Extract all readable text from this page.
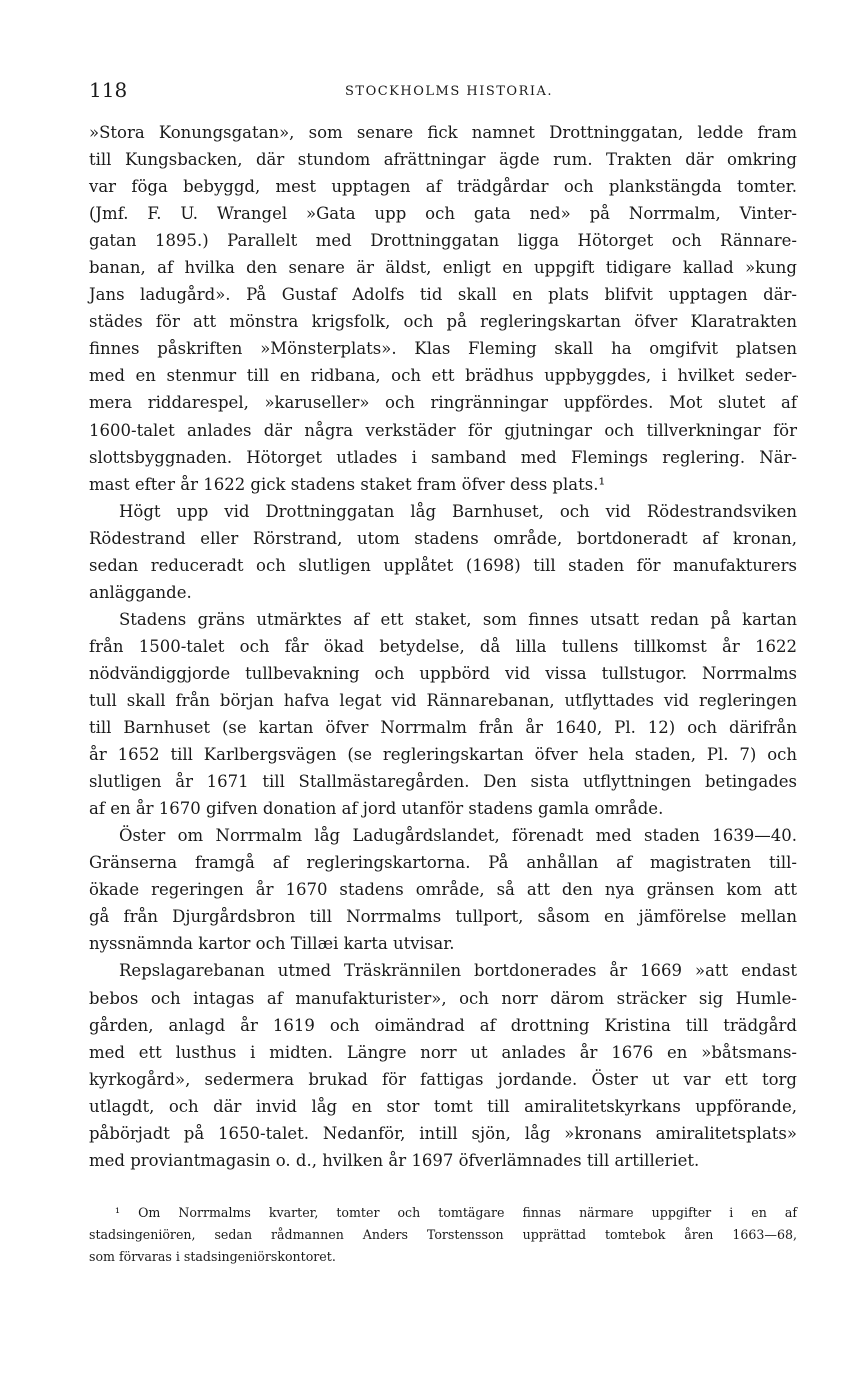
118	STOCKHOLMS HISTORIA.
»Stora Konungsgatan», som senare fick namnet Drottninggatan, ledde fram
till Kungsbacken, där stundom afrättningar ägde rum. Trakten där omkring
var föga bebyggd, mest upptagen af trädgårdar och plankstängda tomter.
(Jmf. F. U. Wrangel »Gata upp och gata ned» på Norrmalm, Vinter-
gatan 1895.) Parallelt med Drottninggatan ligga Hötorget och Rännare-
banan, af hvilka den senare är äldst, enligt en uppgift tidigare kallad »kung
Jans ladugård». På Gustaf Adolfs tid skall en plats blifvit upptagen där-
städes för att mönstra krigsfolk, och på regleringskartan öfver Klaratrakten
finnes påskriften »Mönsterplats». Klas Fleming skall ha omgifvit platsen
med en stenmur till en ridbana, och ett brädhus uppbyggdes, i hvilket seder-
mera riddarespel, »karuseller» och ringränningar uppfördes. Mot slutet af
1600-talet anlades där några verkstäder för gjutningar och tillverkningar för
slottsbyggnaden. Hötorget utlades i samband med Flemings reglering. När-
mast efter år 1622 gick stadens staket fram öfver dess plats.¹
Högt upp vid Drottninggatan låg Barnhuset, och vid Rödestrandsviken
Rödestrand eller Rörstrand, utom stadens område, bortdoneradt af kronan,
sedan reduceradt och slutligen upplåtet (1698) till staden för manufakturers
anläggande.
Stadens gräns utmärktes af ett staket, som finnes utsatt redan på kartan
från 1500-talet och får ökad betydelse, då lilla tullens tillkomst år 1622
nödvändiggjorde tullbevakning och uppbörd vid vissa tullstugor. Norrmalms
tull skall från början hafva legat vid Rännarebanan, utflyttades vid regleringen
till Barnhuset (se kartan öfver Norrmalm från år 1640, Pl. 12) och därifrån
år 1652 till Karlbergsvägen (se regleringskartan öfver hela staden, Pl. 7) och
slutligen år 1671 till Stallmästaregården. Den sista utflyttningen betingades
af en år 1670 gifven donation af jord utanför stadens gamla område.
Öster om Norrmalm låg Ladugårdslandet, förenadt med staden 1639—40.
Gränserna framgå af regleringskartorna. På anhållan af magistraten till-
ökade regeringen år 1670 stadens område, så att den nya gränsen kom att
gå från Djurgårdsbron till Norrmalms tullport, såsom en jämförelse mellan
nyssnämnda kartor och Tillæi karta utvisar.
Repslagarebanan utmed Träskrännilen bortdonerades år 1669 »att endast
bebos och intagas af manufakturister», och norr därom sträcker sig Humle-
gården, anlagd år 1619 och oimändrad af drottning Kristina till trädgård
med ett lusthus i midten. Längre norr ut anlades år 1676 en »båtsmans-
kyrkogård», sedermera brukad för fattigas jordande. Öster ut var ett torg
utlagdt, och där invid låg en stor tomt till amiralitetskyrkans uppförande,
påbörjadt på 1650-talet. Nedanför, intill sjön, låg »kronans amiralitetsplats»
med proviantmagasin o. d., hvilken år 1697 öfverlämnades till artilleriet.
¹ Om Norrmalms kvarter, tomter och tomtägare finnas närmare uppgifter i en af
stadsingeniören, sedan rådmannen Anders Torstensson upprättad tomtebok åren 1663—68,
som förvaras i stadsingeniörskontoret.
